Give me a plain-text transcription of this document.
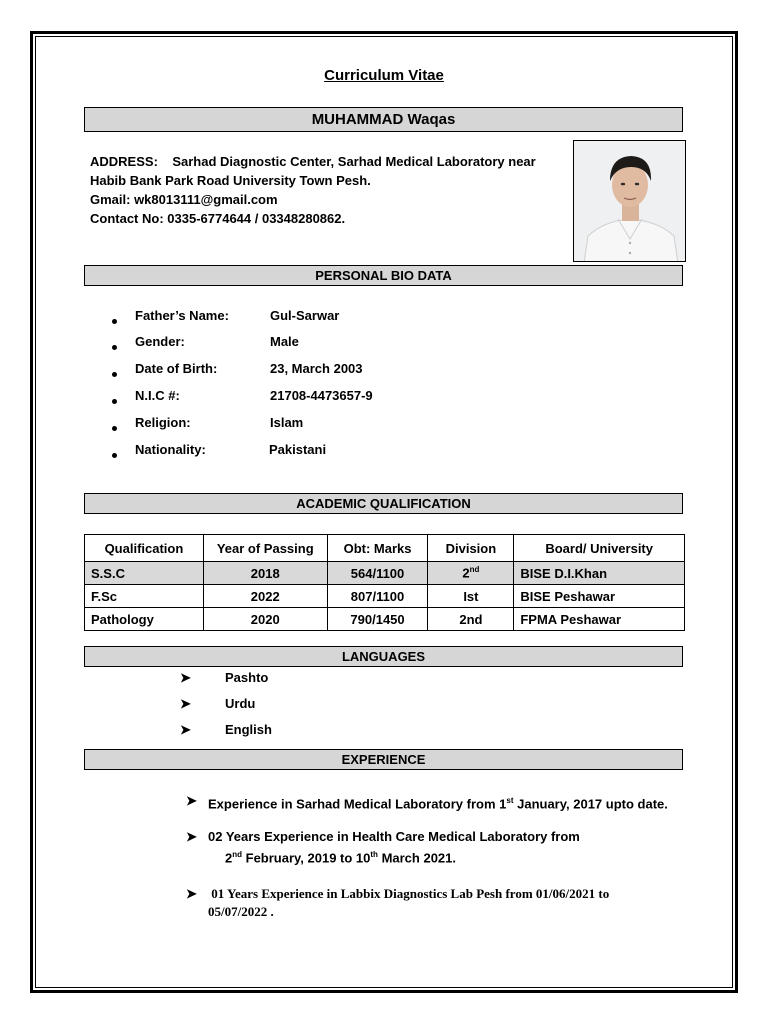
Curriculum Vitae
MUHAMMAD Waqas
ADDRESS:    Sarhad Diagnostic Center, Sarhad Medical Laboratory near
Habib Bank Park Road University Town Pesh.
Gmail: wk8013111@gmail.com
Contact No: 0335-6774644 / 03348280862.
PERSONAL BIO DATA
Father’s Name:	Gul-Sarwar
Gender:	Male
Date of Birth:	23, March 2003
N.I.C #:	21708-4473657-9
Religion:	Islam
Nationality:	Pakistani
ACADEMIC QUALIFICATION
Qualification	Year of Passing	Obt: Marks	Division	Board/ University
S.S.C	2018	564/1100	2nd	BISE D.I.Khan
F.Sc	2022	807/1100	Ist	BISE Peshawar
Pathology	2020	790/1450	2nd	FPMA Peshawar
LANGUAGES
➤	Pashto
➤	Urdu
➤	English
EXPERIENCE
➤ Experience in Sarhad Medical Laboratory from 1st January, 2017 upto date.
➤ 02 Years Experience in Health Care Medical Laboratory from
2nd February, 2019 to 10th March 2021.
➤ 01 Years Experience in Labbix Diagnostics Lab Pesh from 01/06/2021 to
05/07/2022 .
